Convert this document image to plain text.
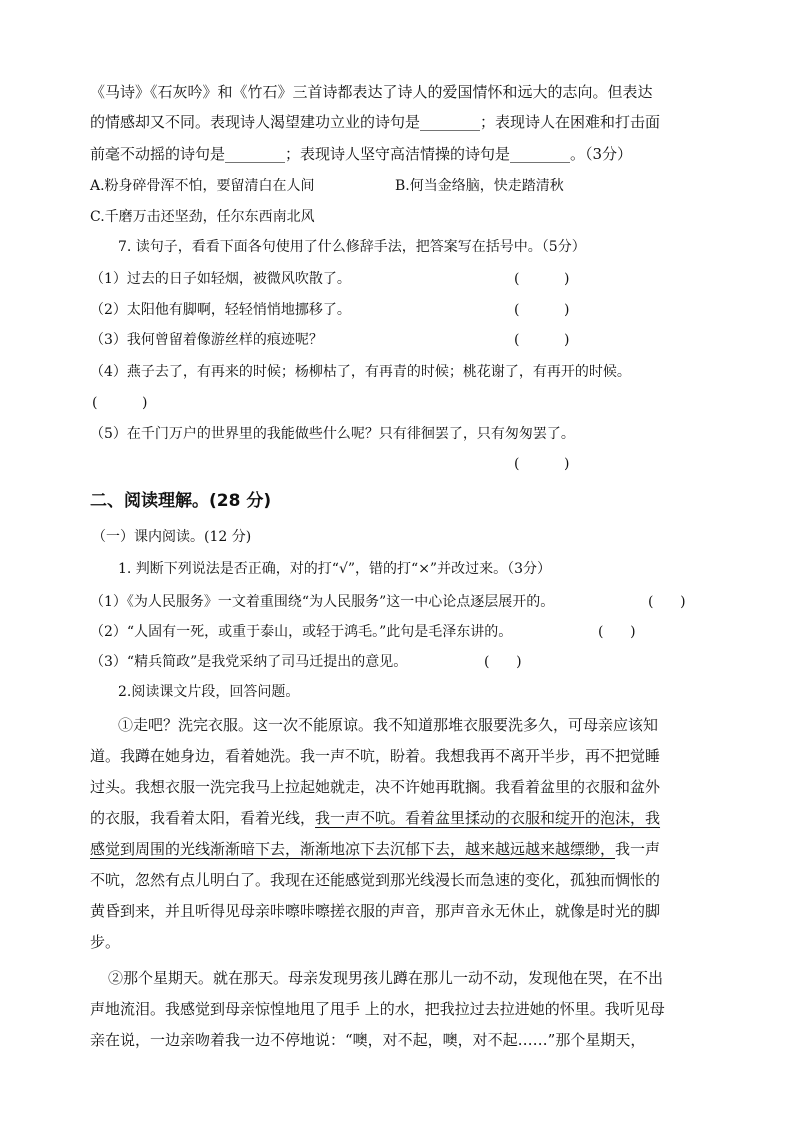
《马诗》《石灰吟》和《竹石》三首诗都表达了诗人的爱国情怀和远大的志向。但表达
的情感却又不同。表现诗人渴望建功立业的诗句是________；表现诗人在困难和打击面
前毫不动摇的诗句是________；表现诗人坚守高洁情操的诗句是________。（3分）
A.粉身碎骨浑不怕，要留清白在人间	B.何当金络脑，快走踏清秋
C.千磨万击还坚劲，任尔东西南北风
7. 读句子，看看下面各句使用了什么修辞手法，把答案写在括号中。（5分）
（1）过去的日子如轻烟，被微风吹散了。	(          )
（2）太阳他有脚啊，轻轻悄悄地挪移了。	(          )
（3）我何曾留着像游丝样的痕迹呢？	(          )
（4）燕子去了，有再来的时候；杨柳枯了，有再青的时候；桃花谢了，有再开的时候。
(          )
（5）在千门万户的世界里的我能做些什么呢？只有徘徊罢了，只有匆匆罢了。
(          )
二、阅读理解。(28 分)
（一）课内阅读。(12 分)
1. 判断下列说法是否正确，对的打“√”，错的打“×”并改过来。（3分）
（1）《为人民服务》一文着重围绕“为人民服务”这一中心论点逐层展开的。	(      )
（2）“人固有一死，或重于泰山，或轻于鸿毛。”此句是毛泽东讲的。	(      )
（3）“精兵简政”是我党采纳了司马迁提出的意见。	(      )
2.阅读课文片段，回答问题。
①走吧？洗完衣服。这一次不能原谅。我不知道那堆衣服要洗多久，可母亲应该知
道。我蹲在她身边，看着她洗。我一声不吭，盼着。我想我再不离开半步，再不把觉睡
过头。我想衣服一洗完我马上拉起她就走，决不许她再耽搁。我看着盆里的衣服和盆外
的衣服，我看着太阳，看着光线，我一声不吭。看着盆里揉动的衣服和绽开的泡沫，我
感觉到周围的光线渐渐暗下去，渐渐地凉下去沉郁下去，越来越远越来越缥缈，我一声
不吭，忽然有点儿明白了。我现在还能感觉到那光线漫长而急速的变化，孤独而惆怅的
黄昏到来，并且听得见母亲咔嚓咔嚓搓衣服的声音，那声音永无休止，就像是时光的脚
步。
②那个星期天。就在那天。母亲发现男孩儿蹲在那儿一动不动，发现他在哭，在不出
声地流泪。我感觉到母亲惊惶地甩了甩手 上的水，把我拉过去拉进她的怀里。我听见母
亲在说，一边亲吻着我一边不停地说：“噢，对不起，噢，对不起……”那个星期天，
